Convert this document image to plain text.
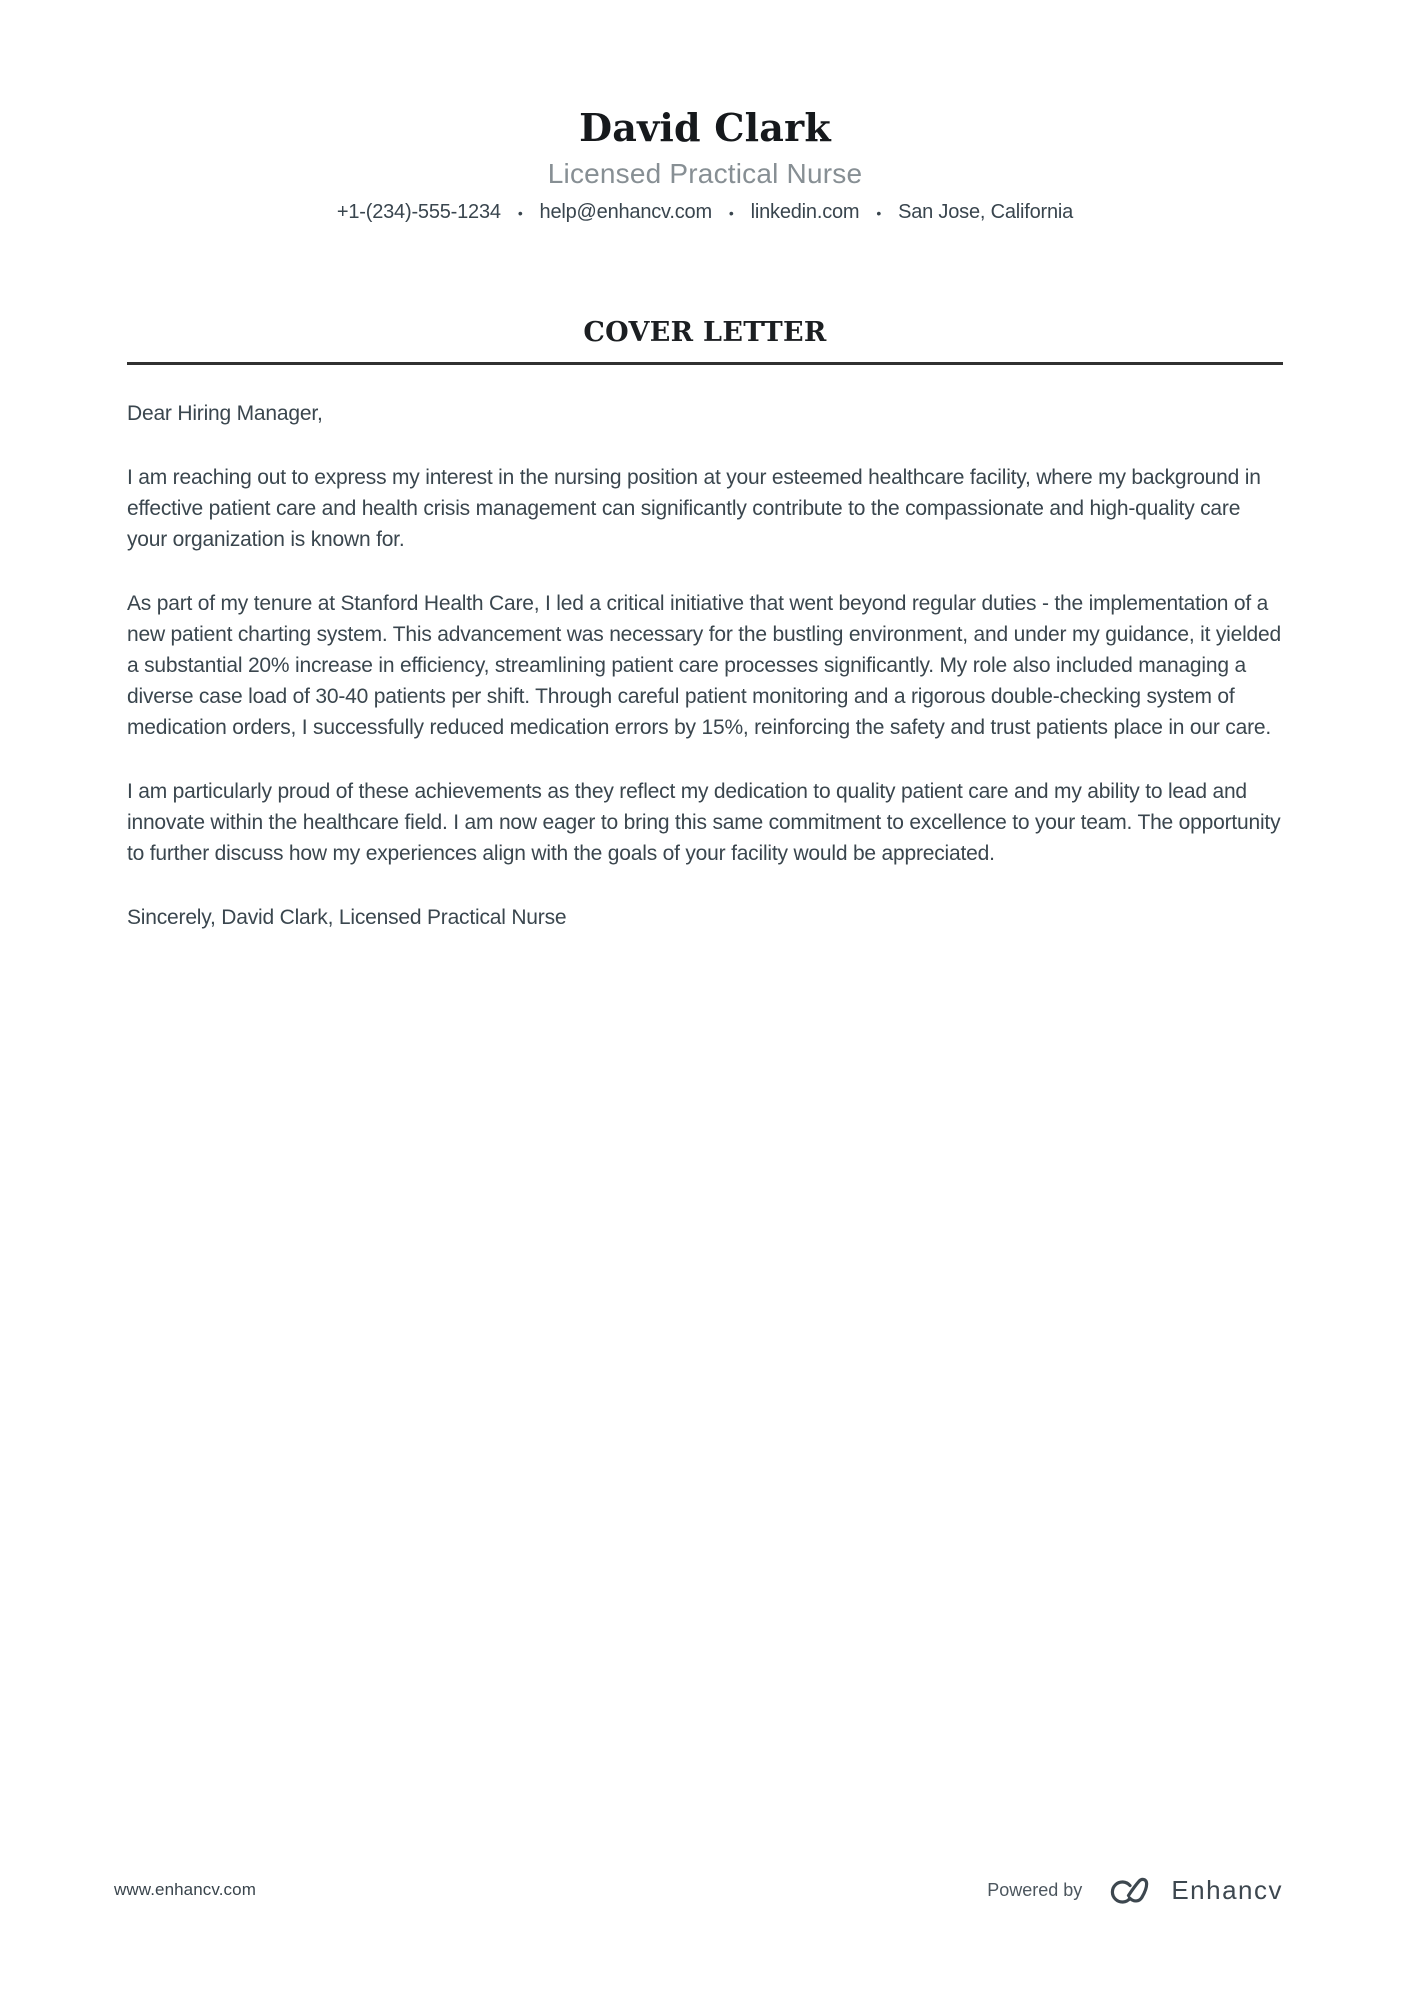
David Clark
Licensed Practical Nurse
+1-(234)-555-1234 • help@enhancv.com • linkedin.com • San Jose, California
COVER LETTER

Dear Hiring Manager,

I am reaching out to express my interest in the nursing position at your esteemed healthcare facility, where my background in effective patient care and health crisis management can significantly contribute to the compassionate and high-quality care your organization is known for.

As part of my tenure at Stanford Health Care, I led a critical initiative that went beyond regular duties - the implementation of a new patient charting system. This advancement was necessary for the bustling environment, and under my guidance, it yielded a substantial 20% increase in efficiency, streamlining patient care processes significantly. My role also included managing a diverse case load of 30-40 patients per shift. Through careful patient monitoring and a rigorous double-checking system of medication orders, I successfully reduced medication errors by 15%, reinforcing the safety and trust patients place in our care.

I am particularly proud of these achievements as they reflect my dedication to quality patient care and my ability to lead and innovate within the healthcare field. I am now eager to bring this same commitment to excellence to your team. The opportunity to further discuss how my experiences align with the goals of your facility would be appreciated.

Sincerely, David Clark, Licensed Practical Nurse

www.enhancv.com	Powered by	Enhancv
